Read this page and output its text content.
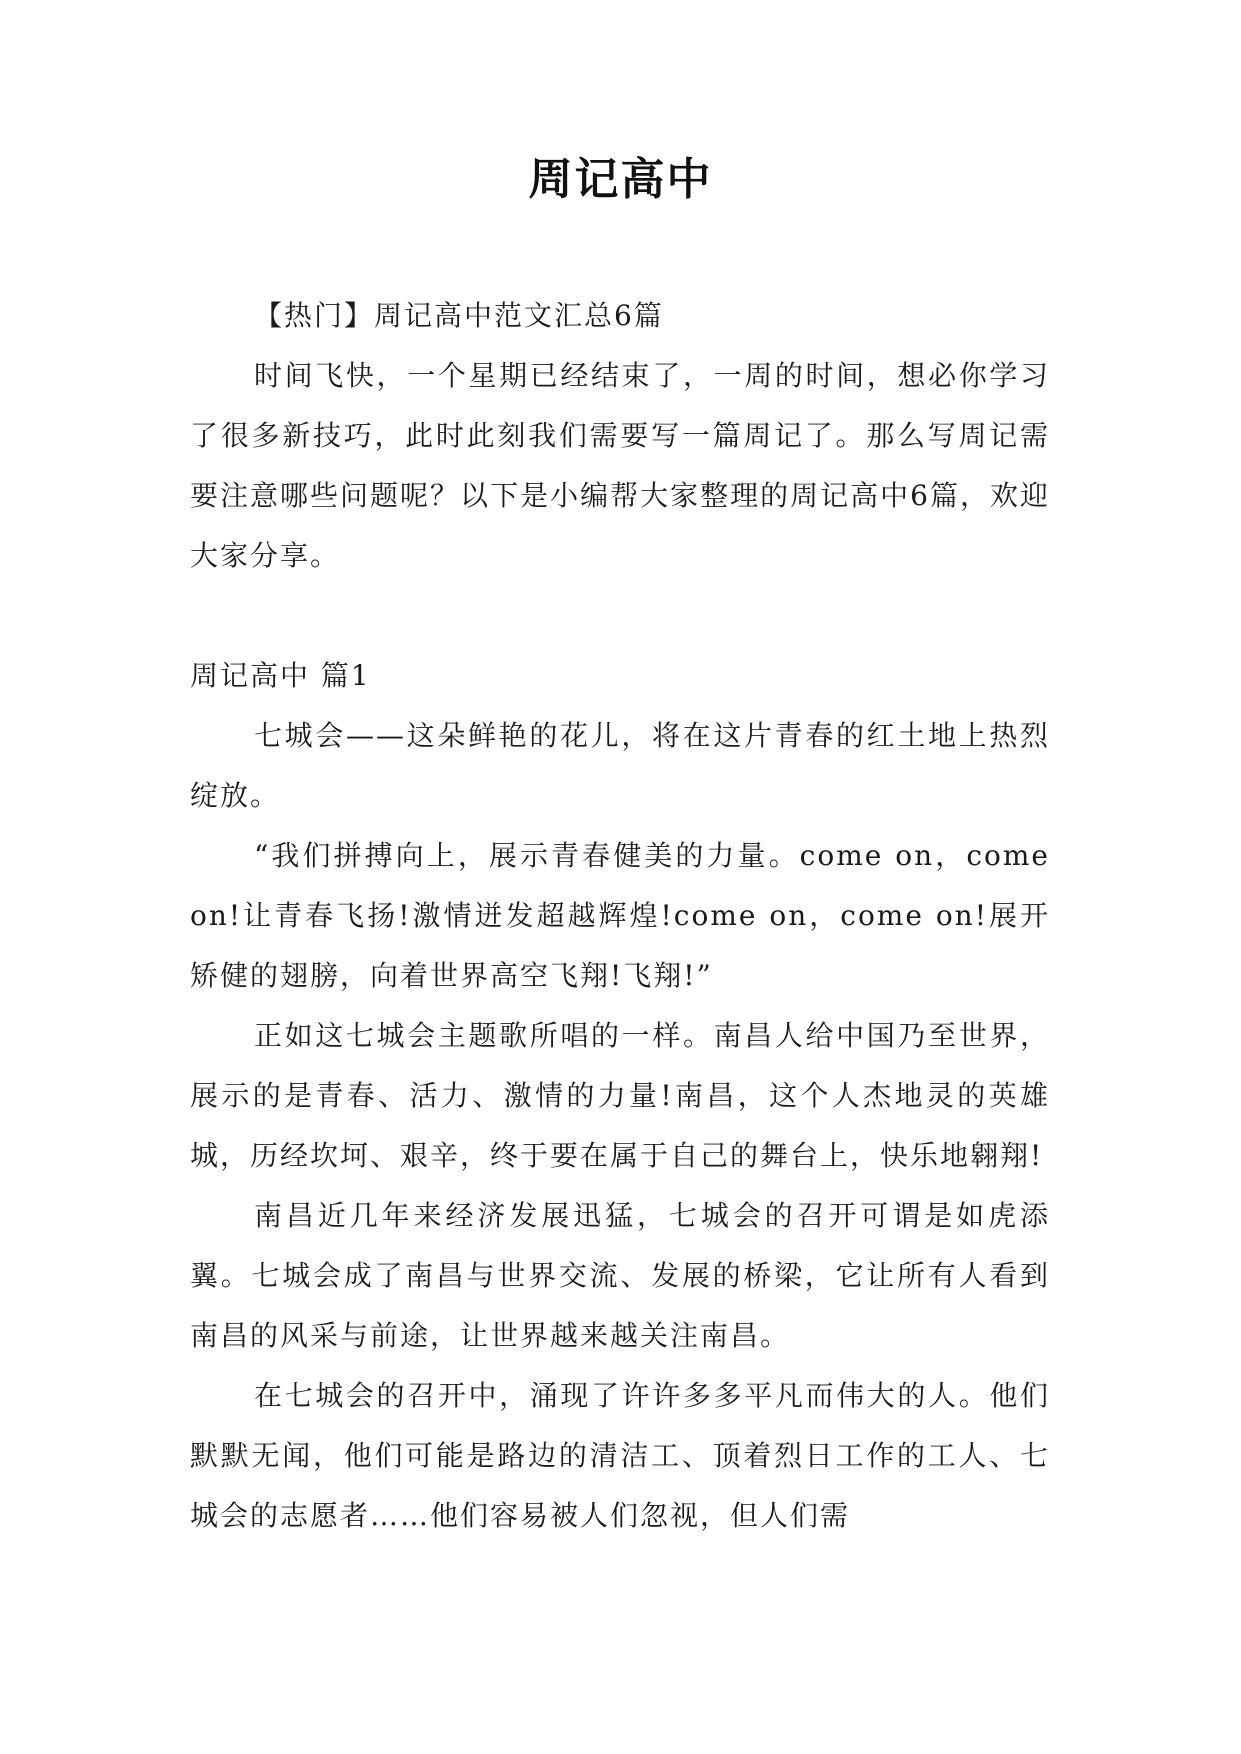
周记高中

【热门】周记高中范文汇总6篇

时间飞快，一个星期已经结束了，一周的时间，想必你学习了很多新技巧，此时此刻我们需要写一篇周记了。那么写周记需要注意哪些问题呢？以下是小编帮大家整理的周记高中6篇，欢迎大家分享。

周记高中 篇1

七城会——这朵鲜艳的花儿，将在这片青春的红土地上热烈绽放。

“我们拼搏向上，展示青春健美的力量。come on，come on!让青春飞扬!激情迸发超越辉煌!come on，come on!展开矫健的翅膀，向着世界高空飞翔!飞翔!”

正如这七城会主题歌所唱的一样。南昌人给中国乃至世界，展示的是青春、活力、激情的力量!南昌，这个人杰地灵的英雄城，历经坎坷、艰辛，终于要在属于自己的舞台上，快乐地翱翔!

南昌近几年来经济发展迅猛，七城会的召开可谓是如虎添翼。七城会成了南昌与世界交流、发展的桥梁，它让所有人看到南昌的风采与前途，让世界越来越关注南昌。

在七城会的召开中，涌现了许许多多平凡而伟大的人。他们默默无闻，他们可能是路边的清洁工、顶着烈日工作的工人、七城会的志愿者……他们容易被人们忽视，但人们需
